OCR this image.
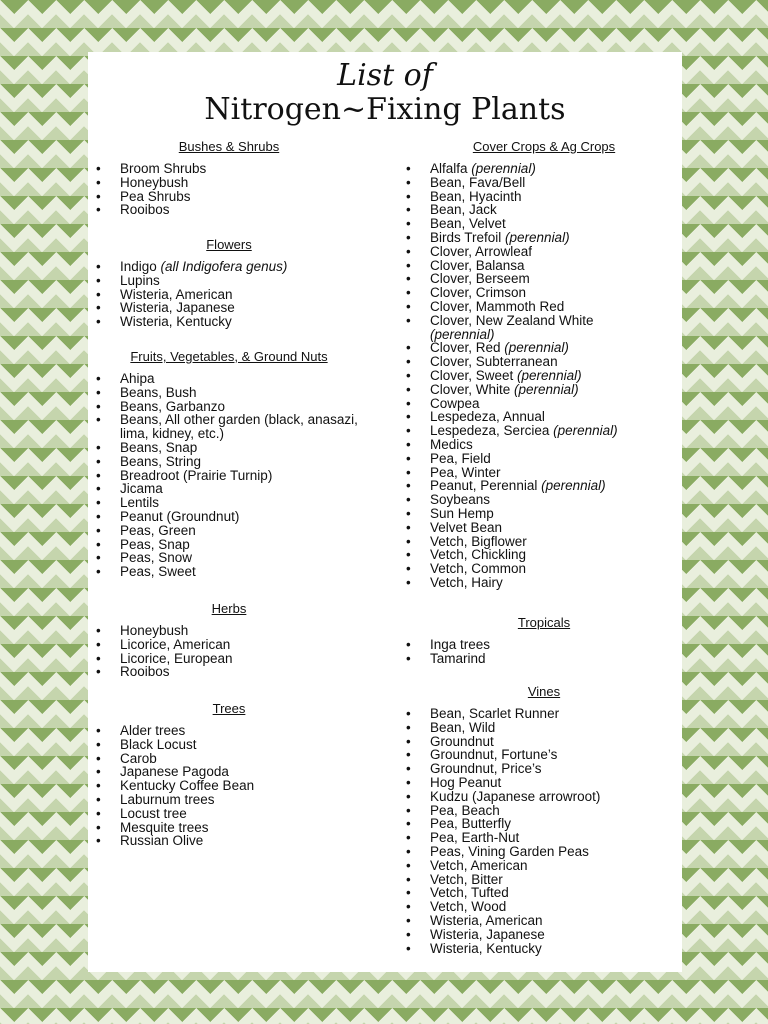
List of
Nitrogen~Fixing Plants
Bushes & Shrubs
• Broom Shrubs
• Honeybush
• Pea Shrubs
• Rooibos
Flowers
• Indigo (all Indigofera genus)
• Lupins
• Wisteria, American
• Wisteria, Japanese
• Wisteria, Kentucky
Fruits, Vegetables, & Ground Nuts
• Ahipa
• Beans, Bush
• Beans, Garbanzo
• Beans, All other garden (black, anasazi, lima, kidney, etc.)
• Beans, Snap
• Beans, String
• Breadroot (Prairie Turnip)
• Jicama
• Lentils
• Peanut (Groundnut)
• Peas, Green
• Peas, Snap
• Peas, Snow
• Peas, Sweet
Herbs
• Honeybush
• Licorice, American
• Licorice, European
• Rooibos
Trees
• Alder trees
• Black Locust
• Carob
• Japanese Pagoda
• Kentucky Coffee Bean
• Laburnum trees
• Locust tree
• Mesquite trees
• Russian Olive
Cover Crops & Ag Crops
• Alfalfa (perennial)
• Bean, Fava/Bell
• Bean, Hyacinth
• Bean, Jack
• Bean, Velvet
• Birds Trefoil (perennial)
• Clover, Arrowleaf
• Clover, Balansa
• Clover, Berseem
• Clover, Crimson
• Clover, Mammoth Red
• Clover, New Zealand White (perennial)
• Clover, Red (perennial)
• Clover, Subterranean
• Clover, Sweet (perennial)
• Clover, White (perennial)
• Cowpea
• Lespedeza, Annual
• Lespedeza, Serciea (perennial)
• Medics
• Pea, Field
• Pea, Winter
• Peanut, Perennial (perennial)
• Soybeans
• Sun Hemp
• Velvet Bean
• Vetch, Bigflower
• Vetch, Chickling
• Vetch, Common
• Vetch, Hairy
Tropicals
• Inga trees
• Tamarind
Vines
• Bean, Scarlet Runner
• Bean, Wild
• Groundnut
• Groundnut, Fortune’s
• Groundnut, Price’s
• Hog Peanut
• Kudzu (Japanese arrowroot)
• Pea, Beach
• Pea, Butterfly
• Pea, Earth-Nut
• Peas, Vining Garden Peas
• Vetch, American
• Vetch, Bitter
• Vetch, Tufted
• Vetch, Wood
• Wisteria, American
• Wisteria, Japanese
• Wisteria, Kentucky
